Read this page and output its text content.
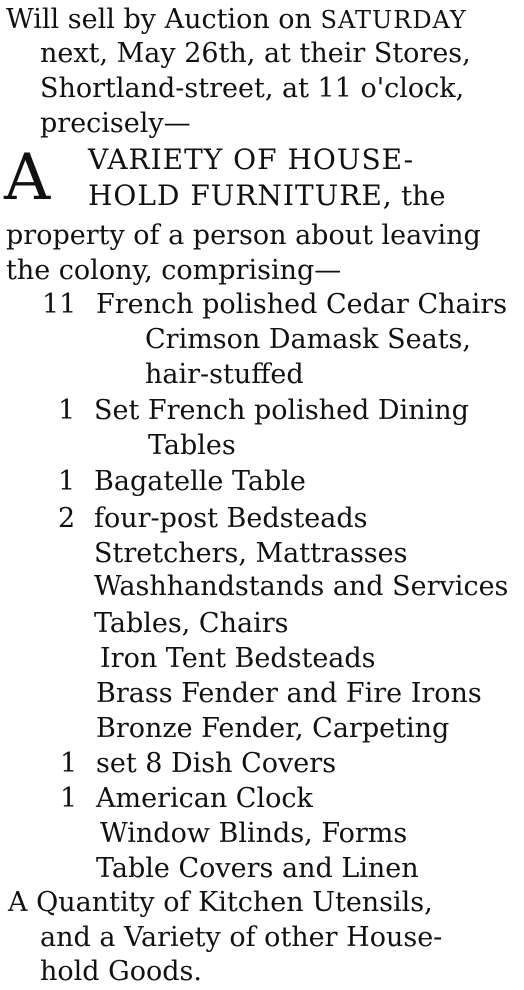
Will sell by Auction on SATURDAY
next, May 26th, at their Stores,
Shortland-street, at 11 o'clock,
precisely—
A VARIETY OF HOUSE-
HOLD FURNITURE, the
property of a person about leaving
the colony, comprising—
11 French polished Cedar Chairs
Crimson Damask Seats,
hair-stuffed
1 Set French polished Dining
Tables
1 Bagatelle Table
2 four-post Bedsteads
Stretchers, Mattrasses
Washhandstands and Services
Tables, Chairs
Iron Tent Bedsteads
Brass Fender and Fire Irons
Bronze Fender, Carpeting
1 set 8 Dish Covers
1 American Clock
Window Blinds, Forms
Table Covers and Linen
A Quantity of Kitchen Utensils,
and a Variety of other House-
hold Goods.
